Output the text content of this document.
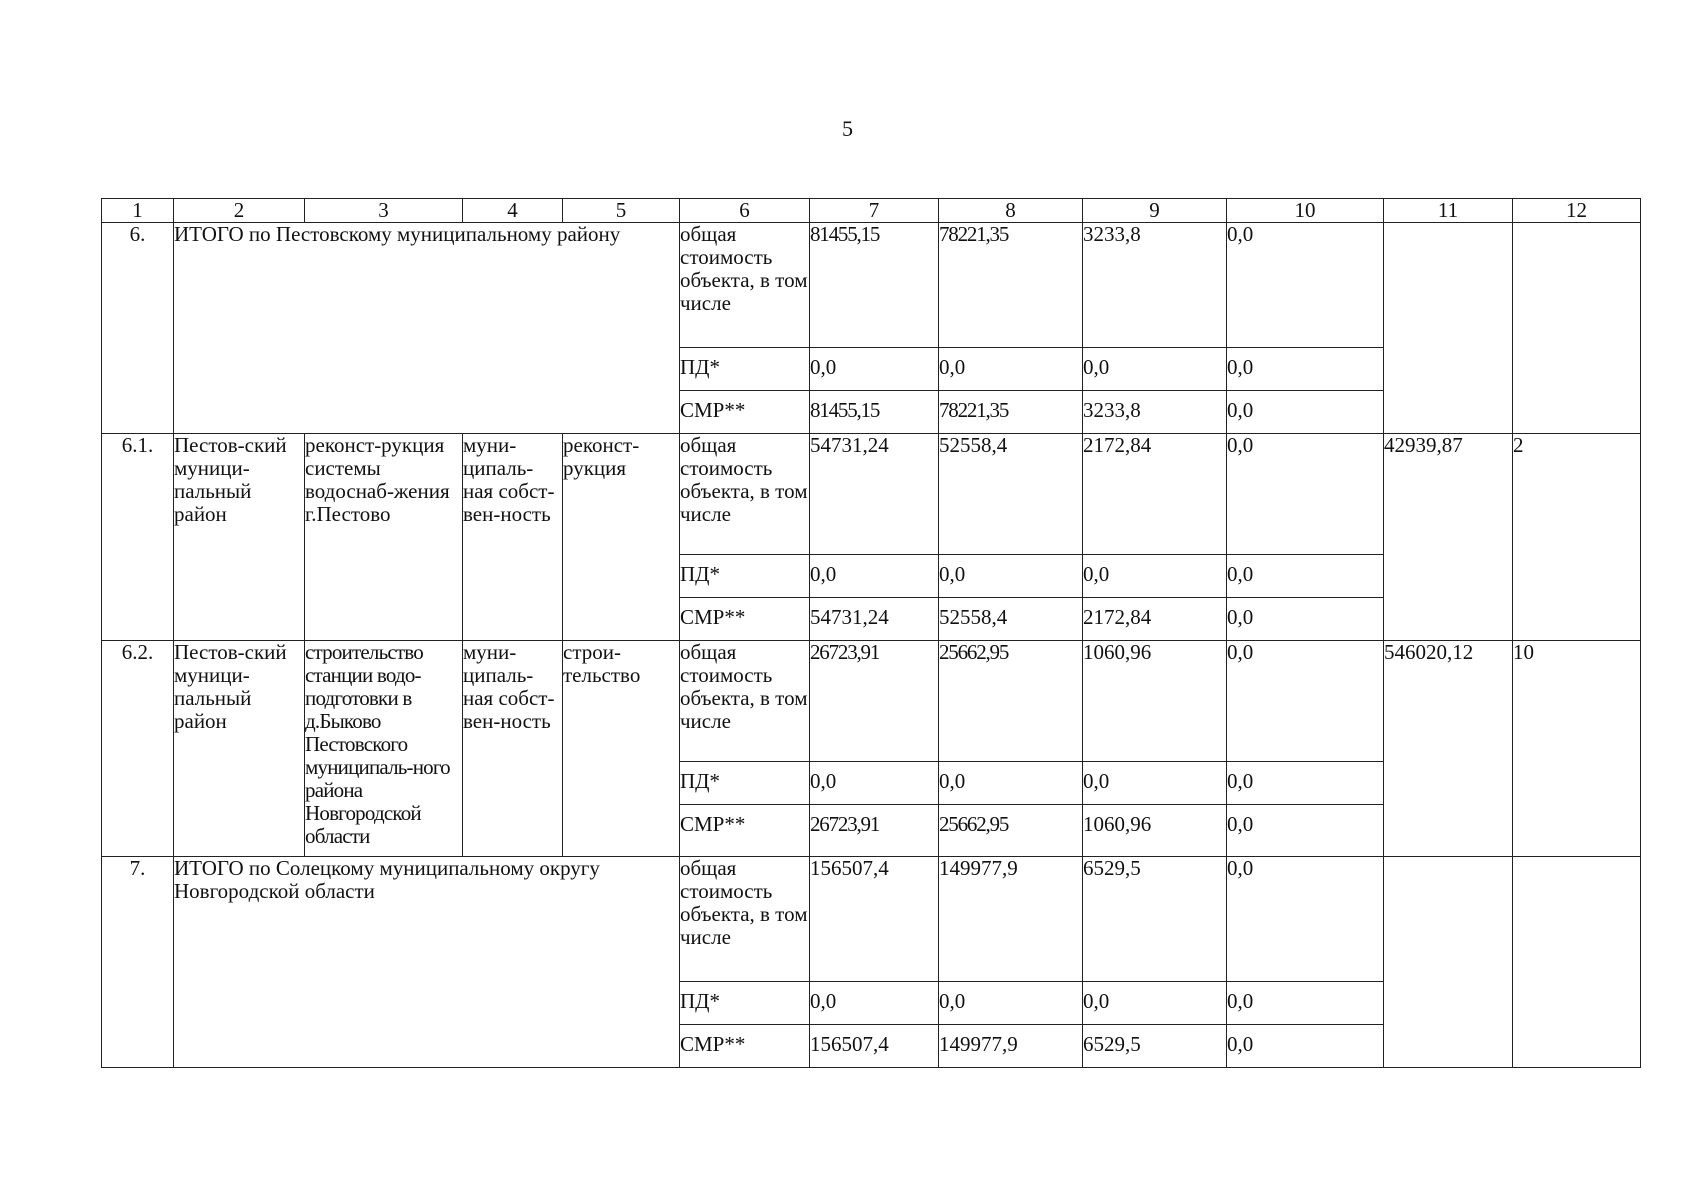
5
1	2	3	4	5	6	7	8	9	10	11	12
6.	ИТОГО по Пестовскому муниципальному району				общая стоимость объекта, в том числе	81455,15	78221,35	3233,8	0,0		
					ПД*	0,0	0,0	0,0	0,0		
					СМР**	81455,15	78221,35	3233,8	0,0		
6.1.	Пестов-ский муници-пальный район	реконст-рукция системы водоснаб-жения г.Пестово	муни-ципаль-ная собст-вен-ность	реконст-рукция	общая стоимость объекта, в том числе	54731,24	52558,4	2172,84	0,0	42939,87	2
					ПД*	0,0	0,0	0,0	0,0		
					СМР**	54731,24	52558,4	2172,84	0,0		
6.2.	Пестов-ский муници-пальный район	строительство станции водо-подготовки в д.Быково Пестовского муниципаль-ного района Новгородской области	муни-ципаль-ная собст-вен-ность	строи-тельство	общая стоимость объекта, в том числе	26723,91	25662,95	1060,96	0,0	546020,12	10
					ПД*	0,0	0,0	0,0	0,0		
					СМР**	26723,91	25662,95	1060,96	0,0		
7.	ИТОГО по Солецкому муниципальному округу Новгородской области				общая стоимость объекта, в том числе	156507,4	149977,9	6529,5	0,0		
					ПД*	0,0	0,0	0,0	0,0		
					СМР**	156507,4	149977,9	6529,5	0,0		
